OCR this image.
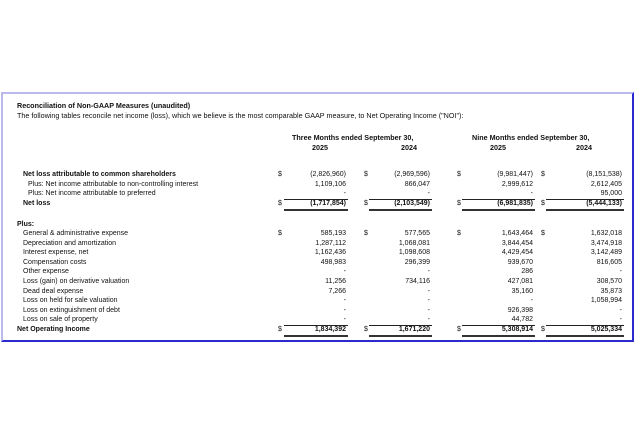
Reconciliation of Non-GAAP Measures (unaudited)
The following tables reconcile net income (loss), which we believe is the most comparable GAAP measure, to Net Operating Income ("NOI"):
Three Months ended September 30,	Nine Months ended September 30,
2025	2024	2025	2024
Net loss attributable to common shareholders	$	(2,826,960)	$	(2,969,596)	$	(9,981,447) $	(8,151,538)
Plus: Net income attributable to non-controlling interest	1,109,106	866,047	2,999,612	2,612,405
Plus: Net income attributable to preferred	-	-	-	95,000
Net loss	$	(1,717,854)	$	(2,103,549)	$	(6,981,835) $	(5,444,133)
Plus:
General & administrative expense	$	585,193	$	577,565	$	1,643,464 $	1,632,018
Depreciation and amortization	1,287,112	1,068,081	3,844,454	3,474,918
Interest expense, net	1,162,436	1,098,608	4,429,454	3,142,489
Compensation costs	498,983	296,399	939,670	816,605
Other expense	-	-	286	-
Loss (gain) on derivative valuation	11,256	734,116	427,081	308,570
Dead deal expense	7,266	-	35,160	35,873
Loss on held for sale valuation	-	-	-	1,058,994
Loss on extinguishment of debt	-	-	926,398	-
Loss on sale of property	-	-	44,782	-
Net Operating Income	$	1,834,392	$	1,671,220	$	5,308,914 $	5,025,334
